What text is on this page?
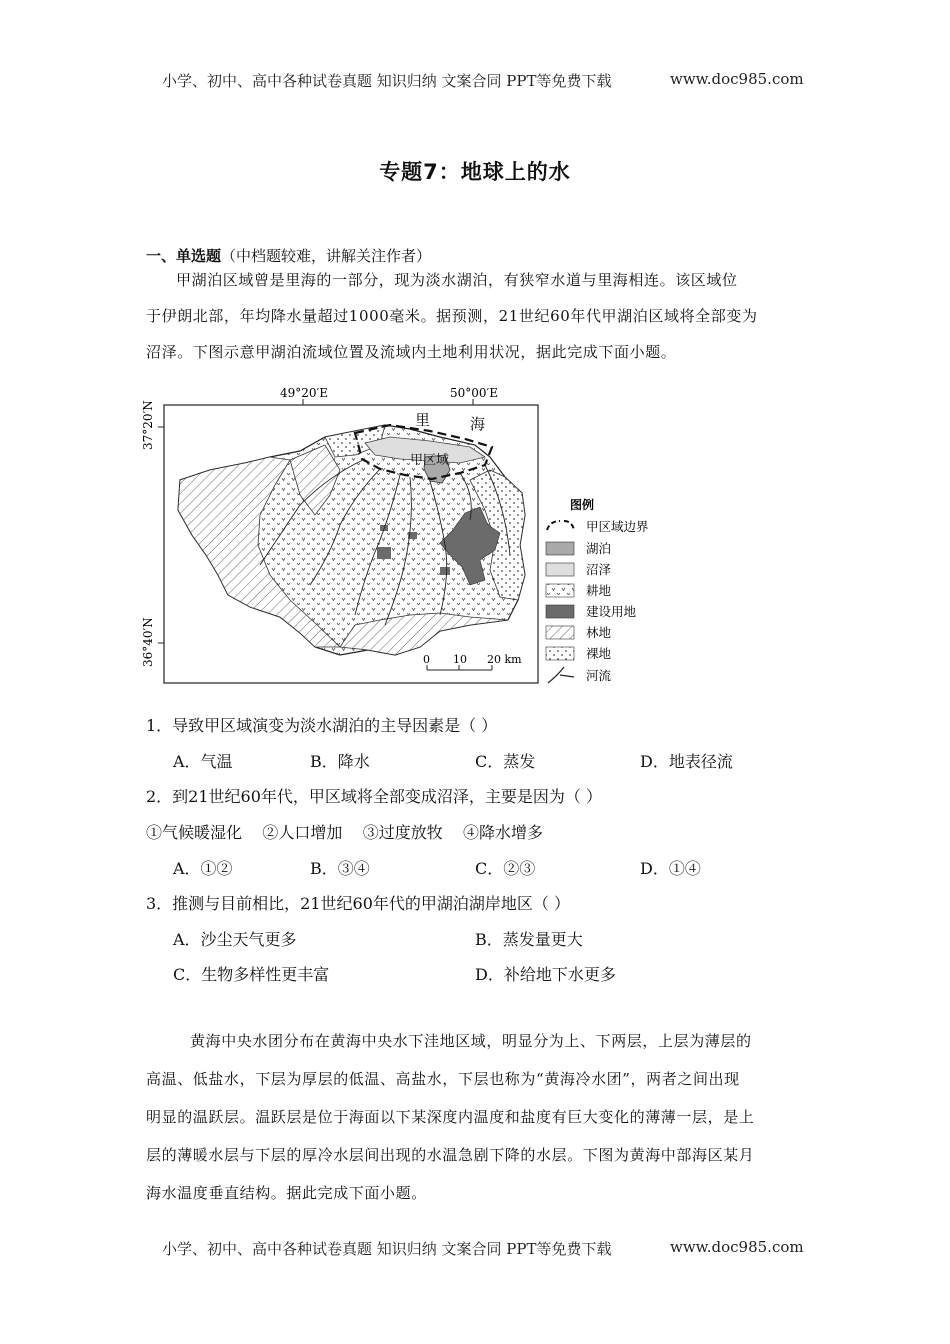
小学、初中、高中各种试卷真题 知识归纳 文案合同 PPT等免费下载	www.doc985.com
专题7：地球上的水
一、单选题（中档题较难，讲解关注作者）
甲湖泊区域曾是里海的一部分，现为淡水湖泊，有狭窄水道与里海相连。该区域位
于伊朗北部，年均降水量超过1000毫米。据预测，21世纪60年代甲湖泊区域将全部变为
沼泽。下图示意甲湖泊流域位置及流域内土地利用状况，据此完成下面小题。
里	海
甲区域
49°20′E	50°00′E
37°20′N
36°40′N	0 10 20 km
图例
甲区域边界
湖泊
沼泽
耕地
建设用地
林地
裸地
河流
1．导致甲区域演变为淡水湖泊的主导因素是（ ）
A．气温	B．降水	C．蒸发	D．地表径流
2．到21世纪60年代，甲区域将全部变成沼泽，主要是因为（ ）
①气候暖湿化    ②人口增加    ③过度放牧    ④降水增多
A．①②	B．③④	C．②③	D．①④
3．推测与目前相比，21世纪60年代的甲湖泊湖岸地区（ ）
A．沙尘天气更多	B．蒸发量更大
C．生物多样性更丰富	D．补给地下水更多
黄海中央水团分布在黄海中央水下洼地区域，明显分为上、下两层，上层为薄层的
高温、低盐水，下层为厚层的低温、高盐水，下层也称为“黄海冷水团”，两者之间出现
明显的温跃层。温跃层是位于海面以下某深度内温度和盐度有巨大变化的薄薄一层，是上
层的薄暖水层与下层的厚冷水层间出现的水温急剧下降的水层。下图为黄海中部海区某月
海水温度垂直结构。据此完成下面小题。
小学、初中、高中各种试卷真题 知识归纳 文案合同 PPT等免费下载	www.doc985.com
